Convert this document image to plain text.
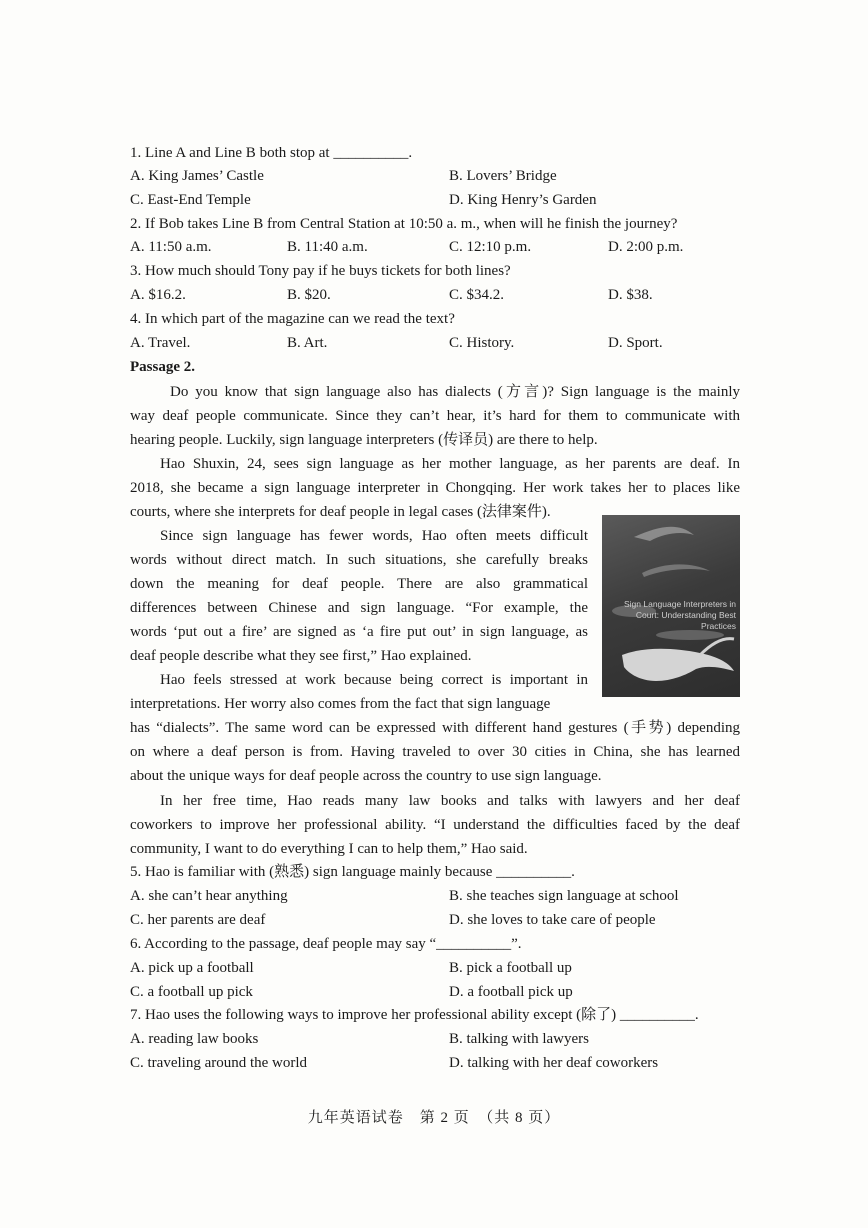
1. Line A and Line B both stop at __________.
A. King James’ Castle	B. Lovers’ Bridge
C. East-End Temple	D. King Henry’s Garden
2. If Bob takes Line B from Central Station at 10:50 a. m., when will he finish the journey?
A. 11:50 a.m.	B. 11:40 a.m.	C. 12:10 p.m.	D. 2:00 p.m.
3. How much should Tony pay if he buys tickets for both lines?
A. $16.2.	B. $20.	C. $34.2.	D. $38.
4. In which part of the magazine can we read the text?
A. Travel.	B. Art.	C. History.	D. Sport.
Passage 2.
Do you know that sign language also has dialects (方言)? Sign language is the mainly
way deaf people communicate. Since they can’t hear, it’s hard for them to communicate with
hearing people. Luckily, sign language interpreters (传译员) are there to help.
Hao Shuxin, 24, sees sign language as her mother language, as her parents are deaf. In
2018, she became a sign language interpreter in Chongqing. Her work takes her to places like
courts, where she interprets for deaf people in legal cases (法律案件).
Since sign language has fewer words, Hao often meets difficult
words without direct match. In such situations, she carefully breaks
down the meaning for deaf people. There are also grammatical
differences between Chinese and sign language. “For example, the
words ‘put out a fire’ are signed as ‘a fire put out’ in sign language, as
deaf people describe what they see first,” Hao explained.
Hao feels stressed at work because being correct is important in
interpretations. Her worry also comes from the fact that sign language
has “dialects”. The same word can be expressed with different hand gestures (手势) depending
on where a deaf person is from. Having traveled to over 30 cities in China, she has learned
about the unique ways for deaf people across the country to use sign language.
In her free time, Hao reads many law books and talks with lawyers and her deaf
coworkers to improve her professional ability. “I understand the difficulties faced by the deaf
community, I want to do everything I can to help them,” Hao said.
Sign Language Interpreters in Court: Understanding Best Practices
5. Hao is familiar with (熟悉) sign language mainly because __________.
A. she can’t hear anything	B. she teaches sign language at school
C. her parents are deaf	D. she loves to take care of people
6. According to the passage, deaf people may say “__________”.
A. pick up a football	B. pick a football up
C. a football up pick	D. a football pick up
7. Hao uses the following ways to improve her professional ability except (除了) __________.
A. reading law books	B. talking with lawyers
C. traveling around the world	D. talking with her deaf coworkers
九年英语试卷　第 2 页　（共 8 页）
